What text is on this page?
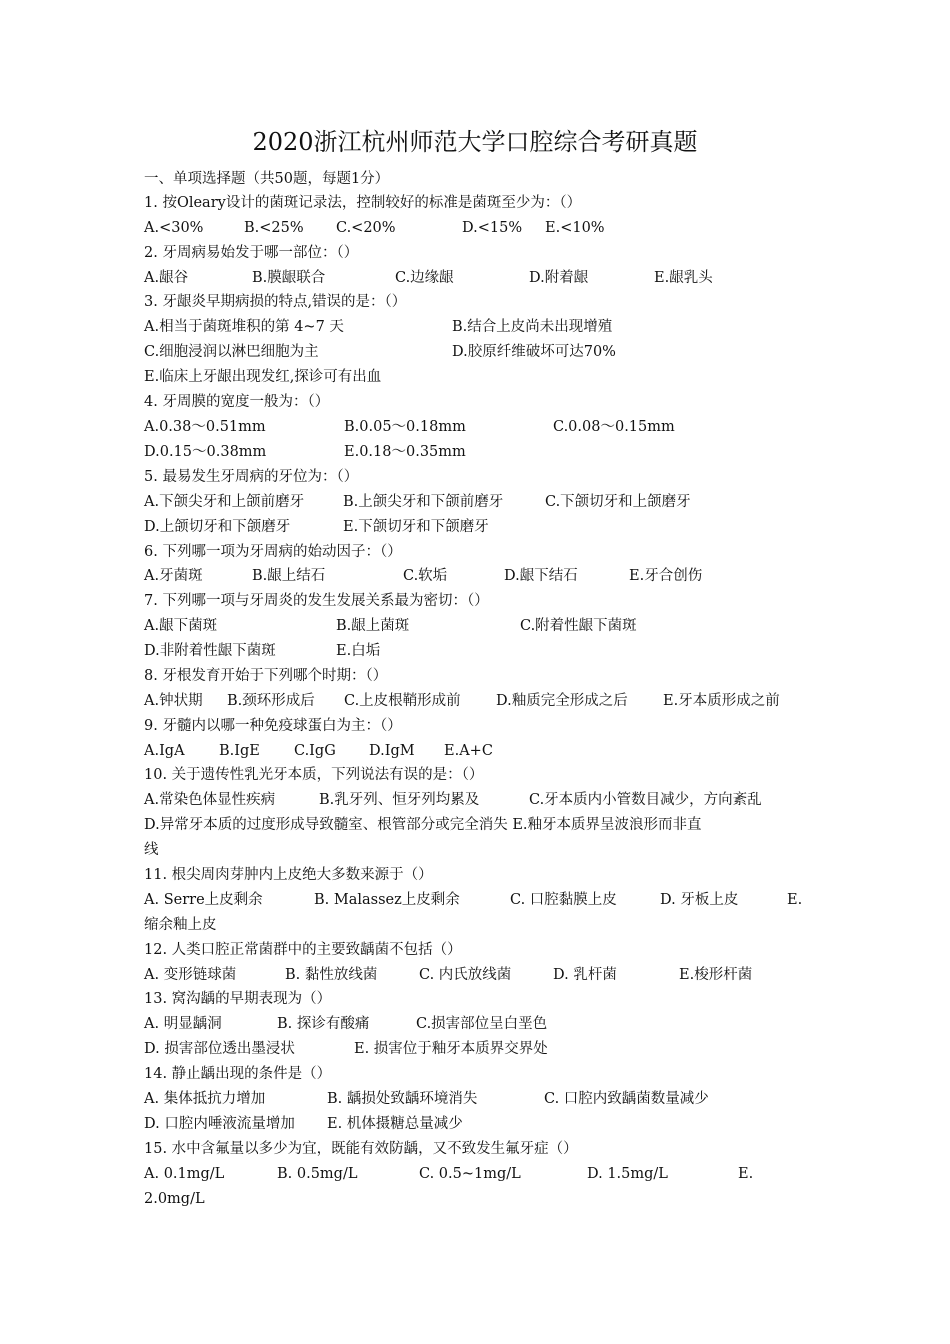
2020浙江杭州师范大学口腔综合考研真题
一、单项选择题（共50题，每题1分）
1. 按Oleary设计的菌斑记录法，控制较好的标准是菌斑至少为：（）
A.<30%	B.<25% C.<20%	D.<15% E.<10%
2. 牙周病易始发于哪一部位：（）
A.龈谷	B.膜龈联合	C.边缘龈	D.附着龈	E.龈乳头
3. 牙龈炎早期病损的特点,错误的是：（）
A.相当于菌斑堆积的第 4~7 天	B.结合上皮尚未出现增殖
C.细胞浸润以淋巴细胞为主	D.胶原纤维破坏可达70%
E.临床上牙龈出现发红,探诊可有出血
4. 牙周膜的宽度一般为：（）
A.0.38～0.51mm	B.0.05～0.18mm	C.0.08～0.15mm
D.0.15～0.38mm	E.0.18～0.35mm
5. 最易发生牙周病的牙位为：（）
A.下颌尖牙和上颌前磨牙	B.上颌尖牙和下颌前磨牙	C.下颌切牙和上颌磨牙
D.上颌切牙和下颌磨牙	E.下颌切牙和下颌磨牙
6. 下列哪一项为牙周病的始动因子：（）
A.牙菌斑	B.龈上结石	C.软垢	D.龈下结石	E.牙合创伤
7. 下列哪一项与牙周炎的发生发展关系最为密切：（）
A.龈下菌斑	B.龈上菌斑	C.附着性龈下菌斑
D.非附着性龈下菌斑	E.白垢
8. 牙根发育开始于下列哪个时期：（）
A.钟状期 B.颈环形成后 C.上皮根鞘形成前 D.釉质完全形成之后 E.牙本质形成之前
9. 牙髓内以哪一种免疫球蛋白为主：（）
A.IgA B.IgE C.IgG D.IgM E.A+C
10. 关于遗传性乳光牙本质，下列说法有误的是：（）
A.常染色体显性疾病	B.乳牙列、恒牙列均累及	C.牙本质内小管数目减少，方向紊乱
D.异常牙本质的过度形成导致髓室、根管部分或完全消失 E.釉牙本质界呈波浪形而非直
线
11. 根尖周肉芽肿内上皮绝大多数来源于（）
A. Serre上皮剩余	B. Malassez上皮剩余	C. 口腔黏膜上皮	D. 牙板上皮	E.
缩余釉上皮
12. 人类口腔正常菌群中的主要致龋菌不包括（）
A. 变形链球菌	B. 黏性放线菌	C. 内氏放线菌	D. 乳杆菌	E.梭形杆菌
13. 窝沟龋的早期表现为（）
A. 明显龋洞	B. 探诊有酸痛	C.损害部位呈白垩色
D. 损害部位透出墨浸状	E. 损害位于釉牙本质界交界处
14. 静止龋出现的条件是（）
A. 集体抵抗力增加	B. 龋损处致龋环境消失	C. 口腔内致龋菌数量减少
D. 口腔内唾液流量增加 E. 机体摄糖总量减少
15. 水中含氟量以多少为宜，既能有效防龋，又不致发生氟牙症（）
A. 0.1mg/L	B. 0.5mg/L	C. 0.5~1mg/L	D. 1.5mg/L	E.
2.0mg/L
